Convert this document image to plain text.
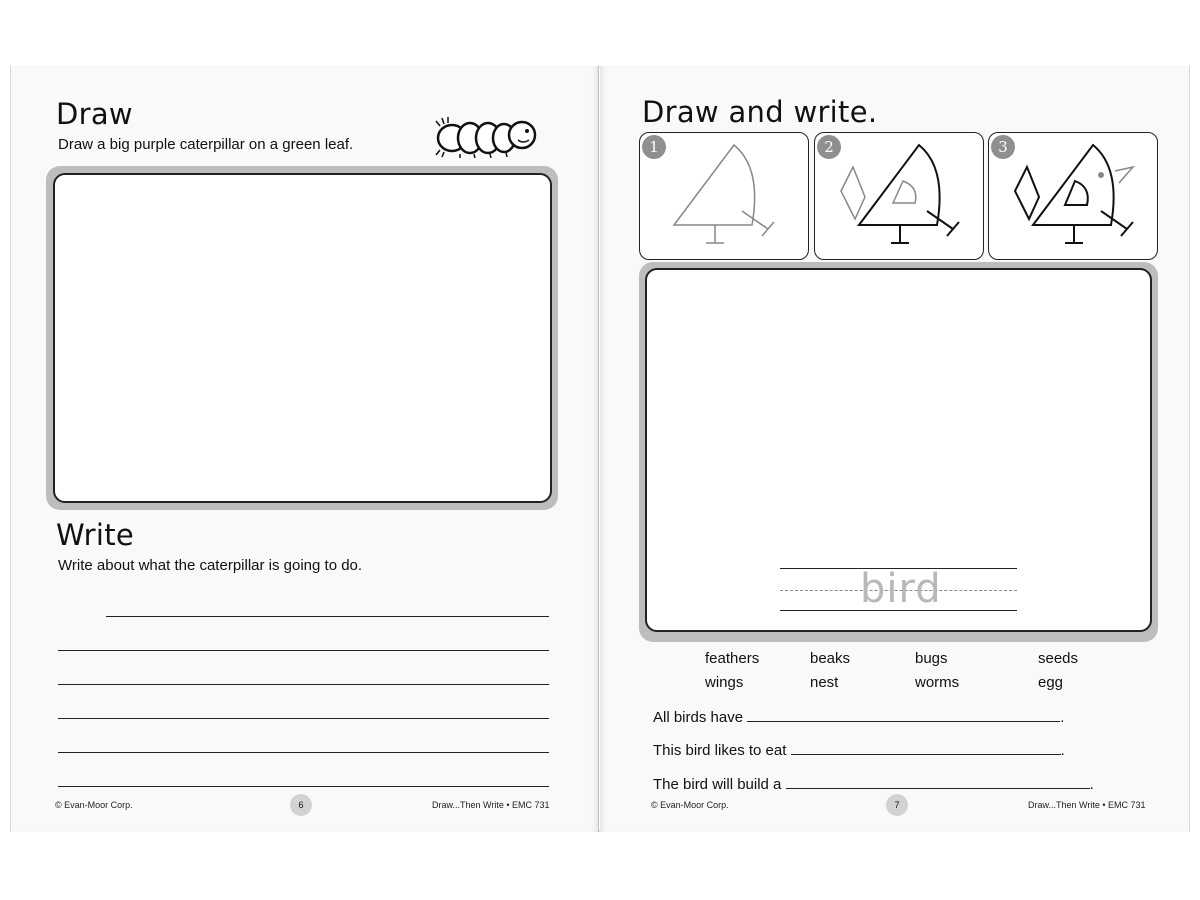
Draw
Draw a big purple caterpillar on a green leaf.
Write
Write about what the caterpillar is going to do.
© Evan-Moor Corp.	6	Draw...Then Write • EMC 731
Draw and write.
1	2	3
bird
feathers	beaks	bugs	seeds
wings	nest	worms	egg
All birds have	.
This bird likes to eat	.
The bird will build a	.
© Evan-Moor Corp.	7	Draw...Then Write • EMC 731
